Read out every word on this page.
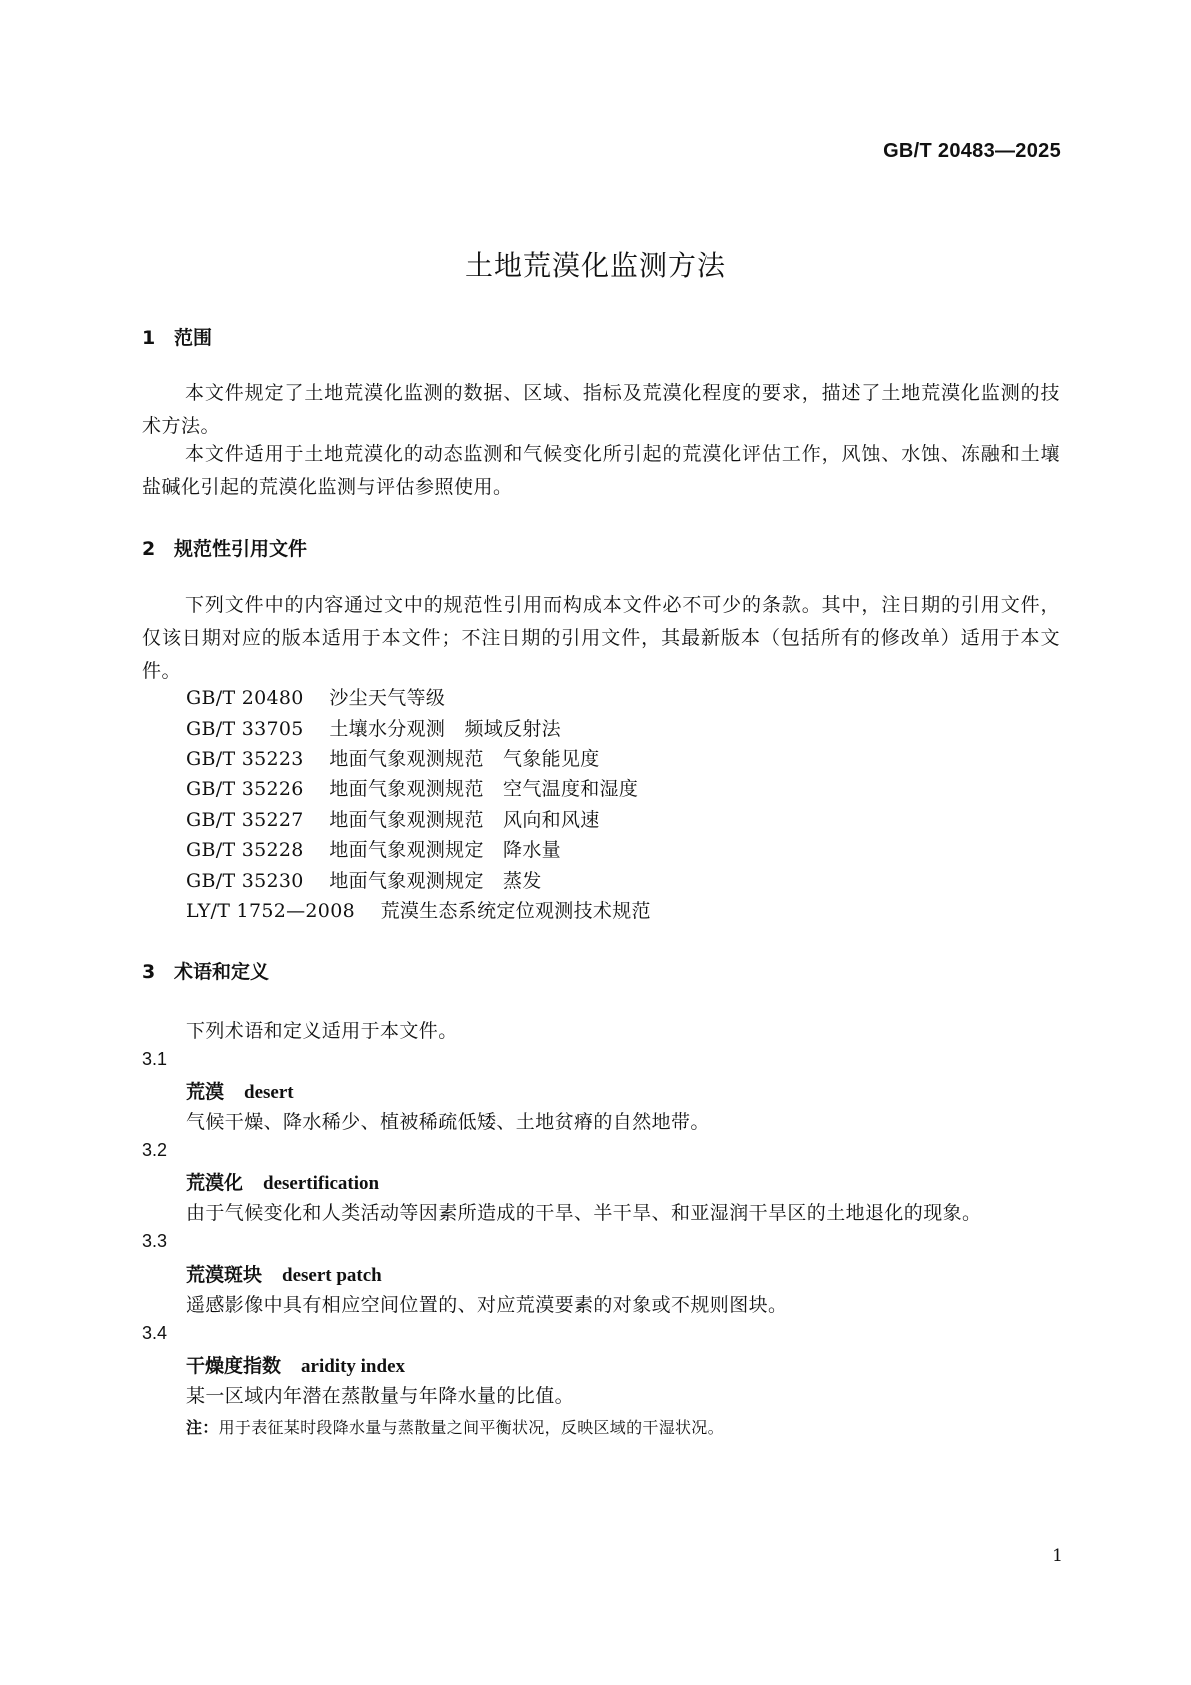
GB/T 20483—2025
土地荒漠化监测方法
1 范围
本文件规定了土地荒漠化监测的数据、区域、指标及荒漠化程度的要求，描述了土地荒漠化监测的技术方法。
本文件适用于土地荒漠化的动态监测和气候变化所引起的荒漠化评估工作，风蚀、水蚀、冻融和土壤盐碱化引起的荒漠化监测与评估参照使用。
2 规范性引用文件
下列文件中的内容通过文中的规范性引用而构成本文件必不可少的条款。其中，注日期的引用文件，仅该日期对应的版本适用于本文件；不注日期的引用文件，其最新版本（包括所有的修改单）适用于本文件。
GB/T 20480　 沙尘天气等级
GB/T 33705　 土壤水分观测　频域反射法
GB/T 35223　 地面气象观测规范　气象能见度
GB/T 35226　 地面气象观测规范　空气温度和湿度
GB/T 35227　 地面气象观测规范　风向和风速
GB/T 35228　 地面气象观测规定　降水量
GB/T 35230　 地面气象观测规定　蒸发
LY/T 1752—2008　 荒漠生态系统定位观测技术规范
3 术语和定义
下列术语和定义适用于本文件。
3.1
荒漠 desert
气候干燥、降水稀少、植被稀疏低矮、土地贫瘠的自然地带。
3.2
荒漠化 desertification
由于气候变化和人类活动等因素所造成的干旱、半干旱、和亚湿润干旱区的土地退化的现象。
3.3
荒漠斑块 desert patch
遥感影像中具有相应空间位置的、对应荒漠要素的对象或不规则图块。
3.4
干燥度指数 aridity index
某一区域内年潜在蒸散量与年降水量的比值。
注：用于表征某时段降水量与蒸散量之间平衡状况，反映区域的干湿状况。
1
